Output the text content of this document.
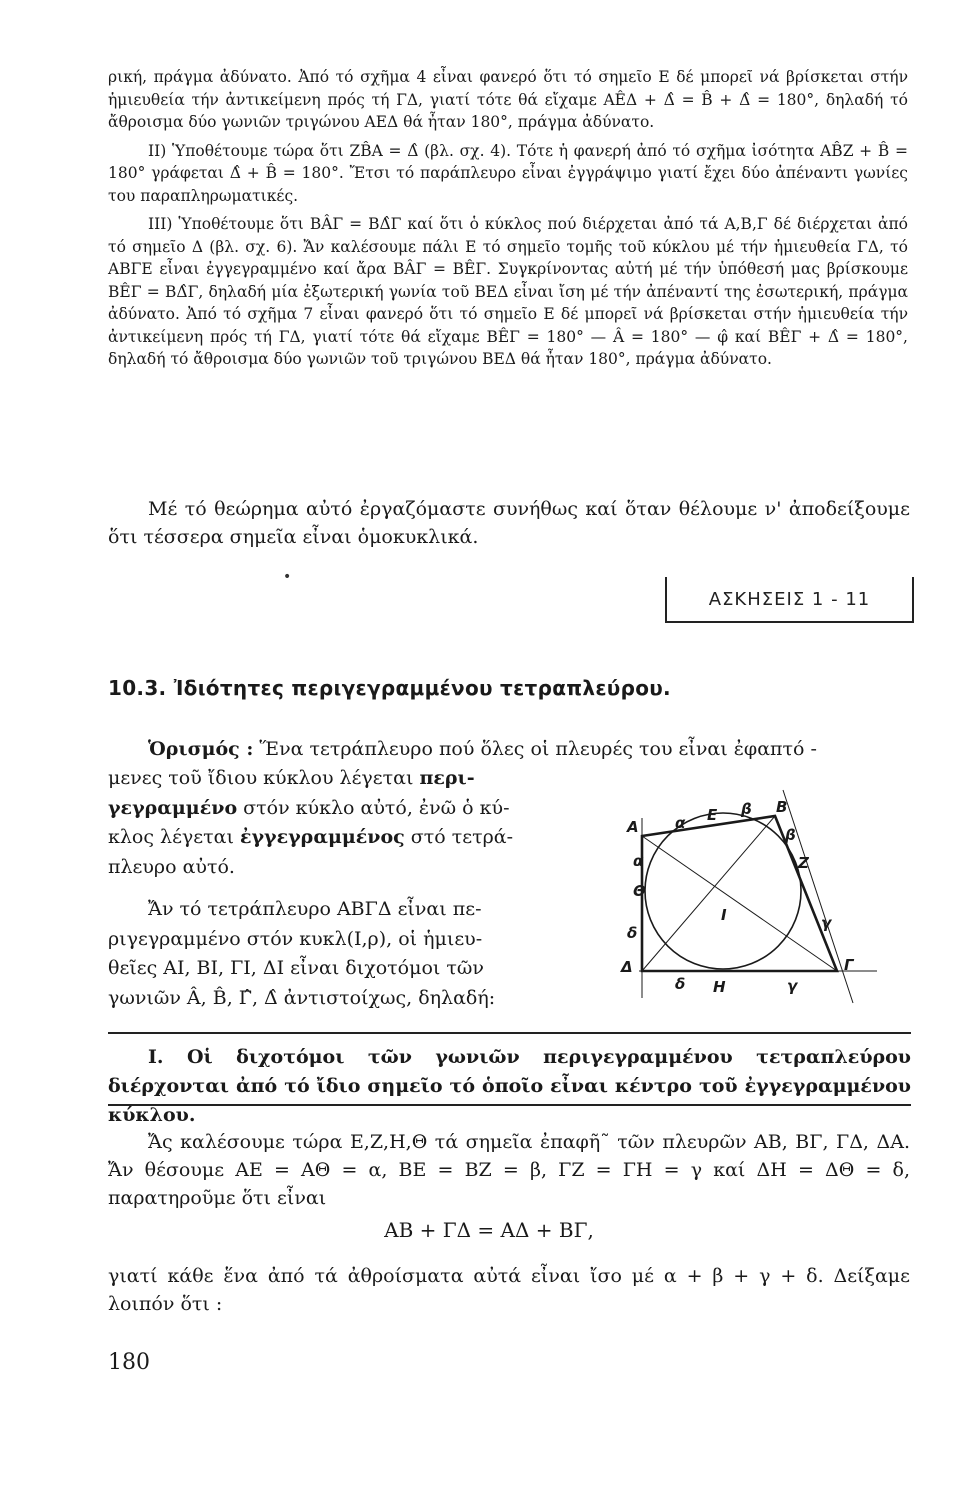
ρική, πράγμα ἀδύνατο. Ἀπό τό σχῆμα 4 εἶναι φανερό ὅτι τό σημεῖο Ε δέ μπορεῖ νά βρίσκεται στήν ἡμιευθεία τήν ἀντικείμενη πρός τή ΓΔ, γιατί τότε θά εἴχαμε ΑÊΔ + Δ̂ = B̂ + Δ̂ = 180°, δηλαδή τό ἄθροισμα δύο γωνιῶν τριγώνου ΑΕΔ θά ἦταν 180°, πράγμα ἀδύνατο.

II) Ὑποθέτουμε τώρα ὅτι ΖB̂Α = Δ̂ (βλ. σχ. 4). Τότε ἡ φανερή ἀπό τό σχῆμα ἰσότητα ΑB̂Ζ + B̂ = 180° γράφεται Δ̂ + B̂ = 180°. Ἔτσι τό παράπλευρο εἶναι ἐγγράψιμο γιατί ἔχει δύο ἀπέναντι γωνίες του παραπληρωματικές.

III) Ὑποθέτουμε ὅτι ΒÂΓ = ΒΔ̂Γ καί ὅτι ὁ κύκλος πού διέρχεται ἀπό τά Α,Β,Γ δέ διέρχεται ἀπό τό σημεῖο Δ (βλ. σχ. 6). Ἄν καλέσουμε πάλι Ε τό σημεῖο τομῆς τοῦ κύκλου μέ τήν ἡμιευθεία ΓΔ, τό ΑΒΓΕ εἶναι ἐγγεγραμμένο καί ἄρα ΒÂΓ = ΒÊΓ. Συγκρίνοντας αὐτή μέ τήν ὑπόθεσή μας βρίσκουμε ΒÊΓ = ΒΔ̂Γ, δηλαδή μία ἐξωτερική γωνία τοῦ ΒΕΔ εἶναι ἴση μέ τήν ἀπέναντί της ἐσωτερική, πράγμα ἀδύνατο. Ἀπό τό σχῆμα 7 εἶναι φανερό ὅτι τό σημεῖο Ε δέ μπορεῖ νά βρίσκεται στήν ἡμιευθεία τήν ἀντικείμενη πρός τή ΓΔ, γιατί τότε θά εἴχαμε ΒÊΓ = 180° — Â = 180° — φ̂ καί ΒÊΓ + Δ̂ = 180°, δηλαδή τό ἄθροισμα δύο γωνιῶν τοῦ τριγώνου ΒΕΔ θά ἦταν 180°, πράγμα ἀδύνατο.

Μέ τό θεώρημα αὐτό ἐργαζόμαστε συνήθως καί ὅταν θέλουμε ν' ἀποδείξουμε ὅτι τέσσερα σημεῖα εἶναι ὁμοκυκλικά.

•
ΑΣΚΗΣΕΙΣ 1 - 11
10.3. Ἰδιότητες περιγεγραμμένου τετραπλεύρου.
Ὁρισμός : Ἕνα τετράπλευρο πού ὅλες οἱ πλευρές του εἶναι ἐφαπτό -

μενες τοῦ ἴδιου κύκλου λέγεται περι-

γεγραμμένο στόν κύκλο αὐτό, ἐνῶ ὁ κύ-

κλος λέγεται ἐγγεγραμμένος στό τετρά-

πλευρο αὐτό.

Ἄν τό τετράπλευρο ΑΒΓΔ εἶναι πε-

ριγεγραμμένο στόν κυκλ(Ι,ρ), οἱ ἡμιευ-

θεῖες ΑΙ, ΒΙ, ΓΙ, ΔΙ εἶναι διχοτόμοι τῶν

γωνιῶν Â, B̂, Γ̂, Δ̂ ἀντιστοίχως, δηλαδή:

A
B
Γ
Δ
E
Z
H
Θ
I
α
α
β
β
γ
γ
δ
δ

I. Οἱ διχοτόμοι τῶν γωνιῶν περιγεγραμμένου τετραπλεύρου διέρχονται ἀπό τό ἴδιο σημεῖο τό ὁποῖο εἶναι κέντρο τοῦ ἐγγεγραμμένου κύκλου.

Ἄς καλέσουμε τώρα Ε,Ζ,Η,Θ τά σημεῖα ἐπαφῆ˜ τῶν πλευρῶν ΑΒ, ΒΓ, ΓΔ, ΔΑ. Ἄν θέσουμε ΑΕ = ΑΘ = α, ΒΕ = ΒΖ = β, ΓΖ = ΓΗ = γ καί ΔΗ = ΔΘ = δ, παρατηροῦμε ὅτι εἶναι

ΑΒ + ΓΔ = ΑΔ + ΒΓ,

γιατί κάθε ἕνα ἀπό τά ἀθροίσματα αὐτά εἶναι ἴσο μέ α + β + γ + δ. Δείξαμε λοιπόν ὅτι :

180
